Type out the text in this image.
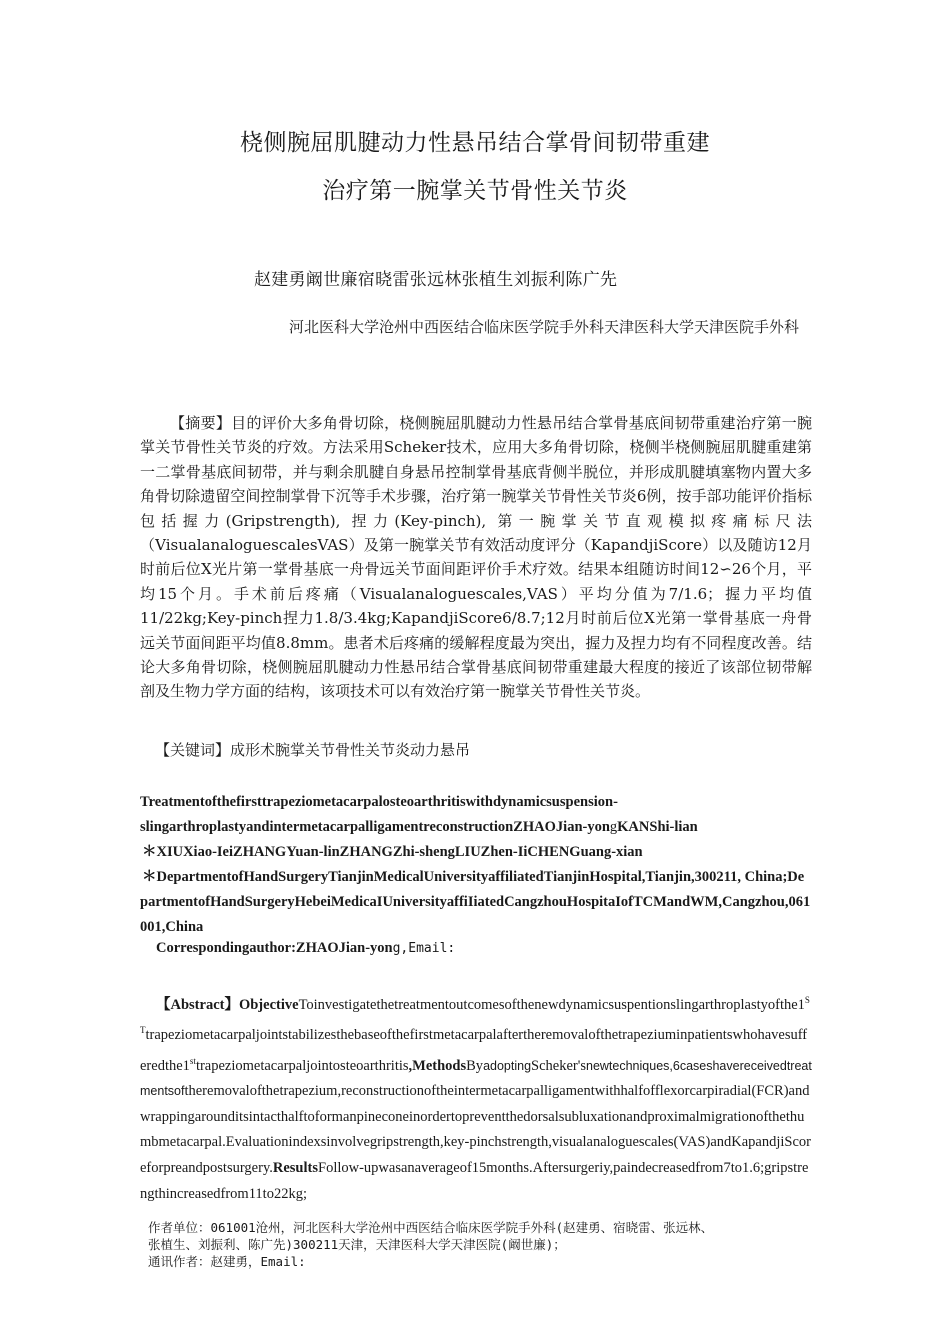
桡侧腕屈肌腱动力性悬吊结合掌骨间韧带重建
治疗第一腕掌关节骨性关节炎
赵建勇阚世廉宿晓雷张远林张植生刘振利陈广先
河北医科大学沧州中西医结合临床医学院手外科天津医科大学天津医院手外科
【摘要】目的评价大多角骨切除，桡侧腕屈肌腱动力性悬吊结合掌骨基底间韧带重建治疗第一腕掌关节骨性关节炎的疗效。方法采用Scheker技术，应用大多角骨切除，桡侧半桡侧腕屈肌腱重建第一二掌骨基底间韧带，并与剩余肌腱自身悬吊控制掌骨基底背侧半脱位，并形成肌腱填塞物内置大多角骨切除遗留空间控制掌骨下沉等手术步骤，治疗第一腕掌关节骨性关节炎6例，按手部功能评价指标包括握力(Gripstrength), 捏力(Key-pinch), 第一腕掌关节直观模拟疼痛标尺法（VisualanaloguescalesVAS）及第一腕掌关节有效活动度评分（KapandjiScore）以及随访12月时前后位X光片第一掌骨基底一舟骨远关节面间距评价手术疗效。结果本组随访时间12∽26个月，平均15个月。手术前后疼痛（Visualanaloguescales,VAS）平均分值为7/1.6；握力平均值11/22kg;Key-pinch捏力1.8/3.4kg;KapandjiScore6/8.7;12月时前后位X光第一掌骨基底一舟骨远关节面间距平均值8.8mm。患者术后疼痛的缓解程度最为突出，握力及捏力均有不同程度改善。结论大多角骨切除，桡侧腕屈肌腱动力性悬吊结合掌骨基底间韧带重建最大程度的接近了该部位韧带解剖及生物力学方面的结构，该项技术可以有效治疗第一腕掌关节骨性关节炎。
【关键词】成形术腕掌关节骨性关节炎动力悬吊
Treatmentofthefirsttrapeziometacarpalosteoarthritiswithdynamicsuspension-
slingarthroplastyandintermetacarpalligamentreconstructionZHAOJian-yongKANShi-lian
＊XIUXiao-IeiZHANGYuan-linZHANGZhi-shengLIUZhen-IiCHENGuang-xian
＊DepartmentofHandSurgeryTianjinMedicalUniversityaffiliatedTianjinHospital,Tianjin,300211, China;DepartmentofHandSurgeryHebeiMedicaIUniversityaffiIiatedCangzhouHospitaIofTCMandWM,Cangzhou,061001,China
Correspondingauthor:ZHAOJian-yong,Email:
【Abstract】ObjectiveToinvestigatethetreatmentoutcomesofthenewdynamicsuspentionslingarthroplastyofthe1STtrapeziometacarpaljointstabilizesthebaseofthefirstmetacarpalaftertheremovalofthetrapeziuminpatientswhohavesufferedthe1sttrapeziometacarpaljointosteoarthritis,MethodsByadoptingScheker'snewtechniques,6caseshavereceivedtreatmentsoftheremovalofthetrapezium,reconstructionoftheintermetacarpalligamentwithhalfofflexorcarpiradial(FCR)andwrappingarounditsintacthalftoformanpineconeinordertopreventthedorsalsubluxationandproximalmigrationofthethumbmetacarpal.Evaluationindexsinvolvegripstrength,key-pinchstrength,visualanaloguescales(VAS)andKapandjiScoreforpreandpostsurgery.ResultsFollow-upwasanaverageof15months.Aftersurgeriy,paindecreasedfrom7to1.6;gripstrengthincreasedfrom11to22kg;
作者单位：061001沧州，河北医科大学沧州中西医结合临床医学院手外科(赵建勇、宿晓雷、张远林、
张植生、刘振利、陈广先)300211天津，天津医科大学天津医院(阚世廉)；
通讯作者：赵建勇，Email:
